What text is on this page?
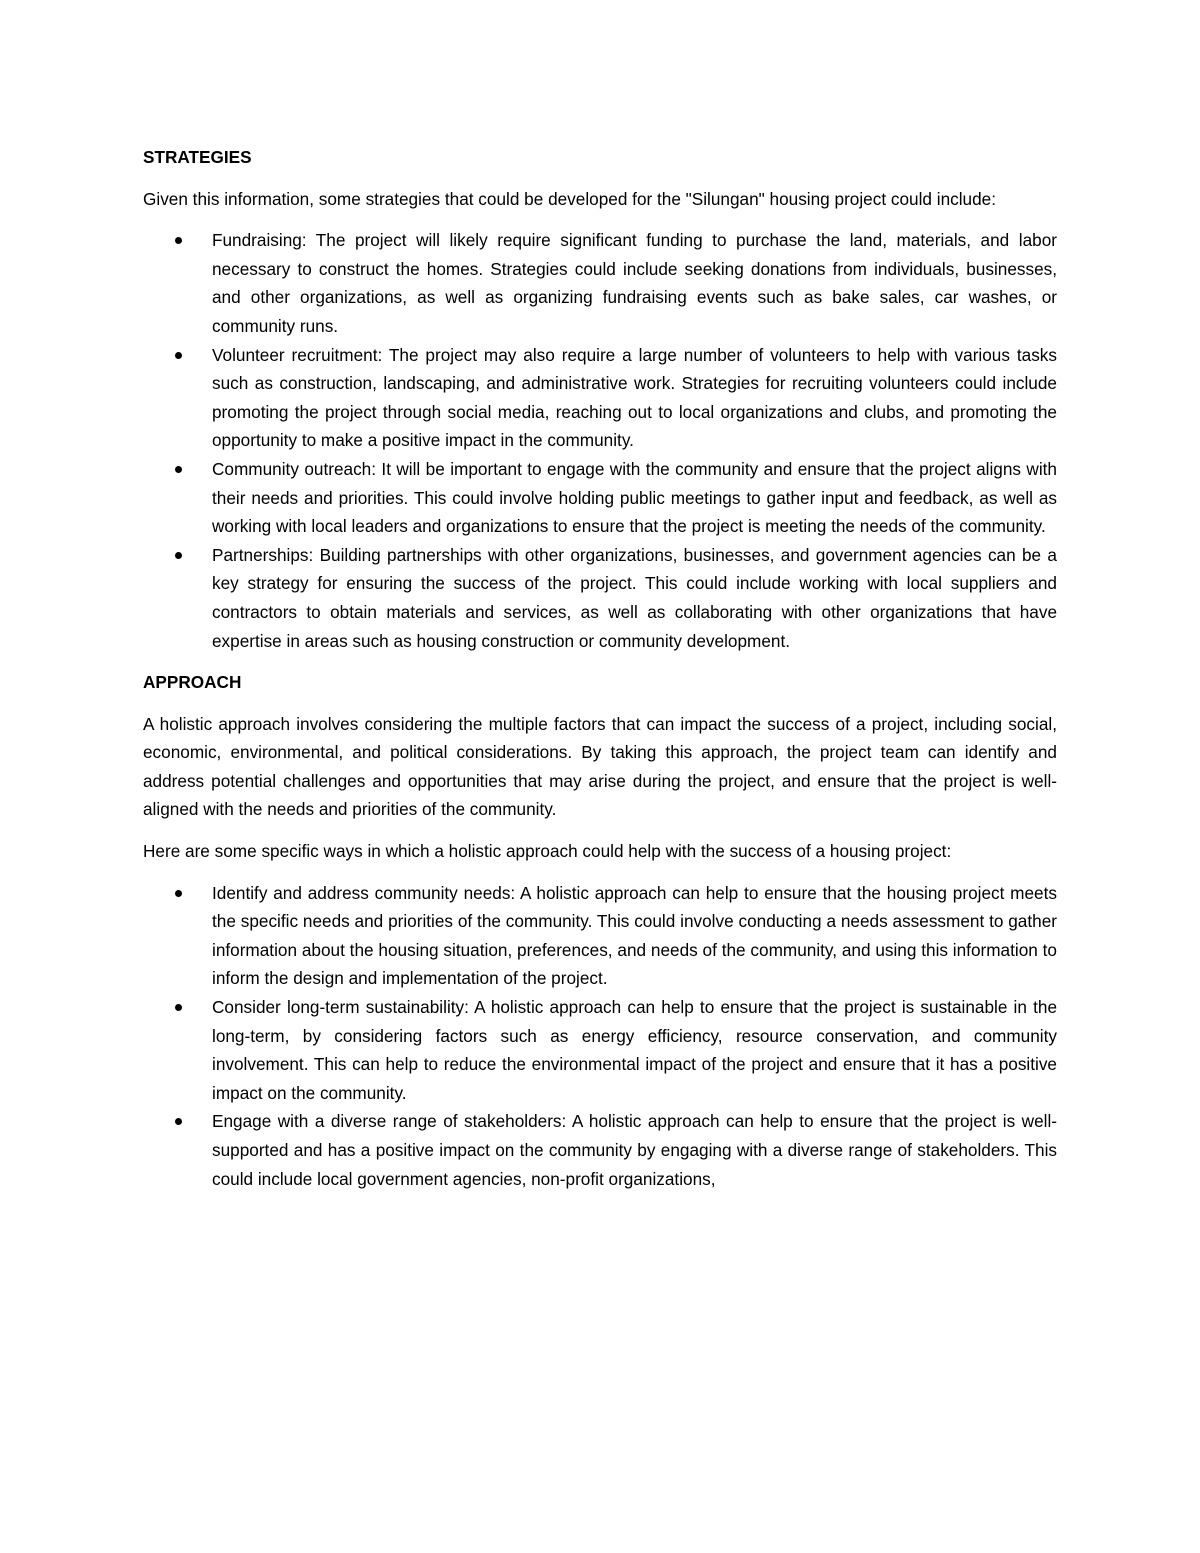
STRATEGIES

Given this information, some strategies that could be developed for the "Silungan" housing project could include:

Fundraising: The project will likely require significant funding to purchase the land, materials, and labor necessary to construct the homes. Strategies could include seeking donations from individuals, businesses, and other organizations, as well as organizing fundraising events such as bake sales, car washes, or community runs.
Volunteer recruitment: The project may also require a large number of volunteers to help with various tasks such as construction, landscaping, and administrative work. Strategies for recruiting volunteers could include promoting the project through social media, reaching out to local organizations and clubs, and promoting the opportunity to make a positive impact in the community.
Community outreach: It will be important to engage with the community and ensure that the project aligns with their needs and priorities. This could involve holding public meetings to gather input and feedback, as well as working with local leaders and organizations to ensure that the project is meeting the needs of the community.
Partnerships: Building partnerships with other organizations, businesses, and government agencies can be a key strategy for ensuring the success of the project. This could include working with local suppliers and contractors to obtain materials and services, as well as collaborating with other organizations that have expertise in areas such as housing construction or community development.
APPROACH

A holistic approach involves considering the multiple factors that can impact the success of a project, including social, economic, environmental, and political considerations. By taking this approach, the project team can identify and address potential challenges and opportunities that may arise during the project, and ensure that the project is well-aligned with the needs and priorities of the community.

Here are some specific ways in which a holistic approach could help with the success of a housing project:

Identify and address community needs: A holistic approach can help to ensure that the housing project meets the specific needs and priorities of the community. This could involve conducting a needs assessment to gather information about the housing situation, preferences, and needs of the community, and using this information to inform the design and implementation of the project.
Consider long-term sustainability: A holistic approach can help to ensure that the project is sustainable in the long-term, by considering factors such as energy efficiency, resource conservation, and community involvement. This can help to reduce the environmental impact of the project and ensure that it has a positive impact on the community.
Engage with a diverse range of stakeholders: A holistic approach can help to ensure that the project is well-supported and has a positive impact on the community by engaging with a diverse range of stakeholders. This could include local government agencies, non-profit organizations,
